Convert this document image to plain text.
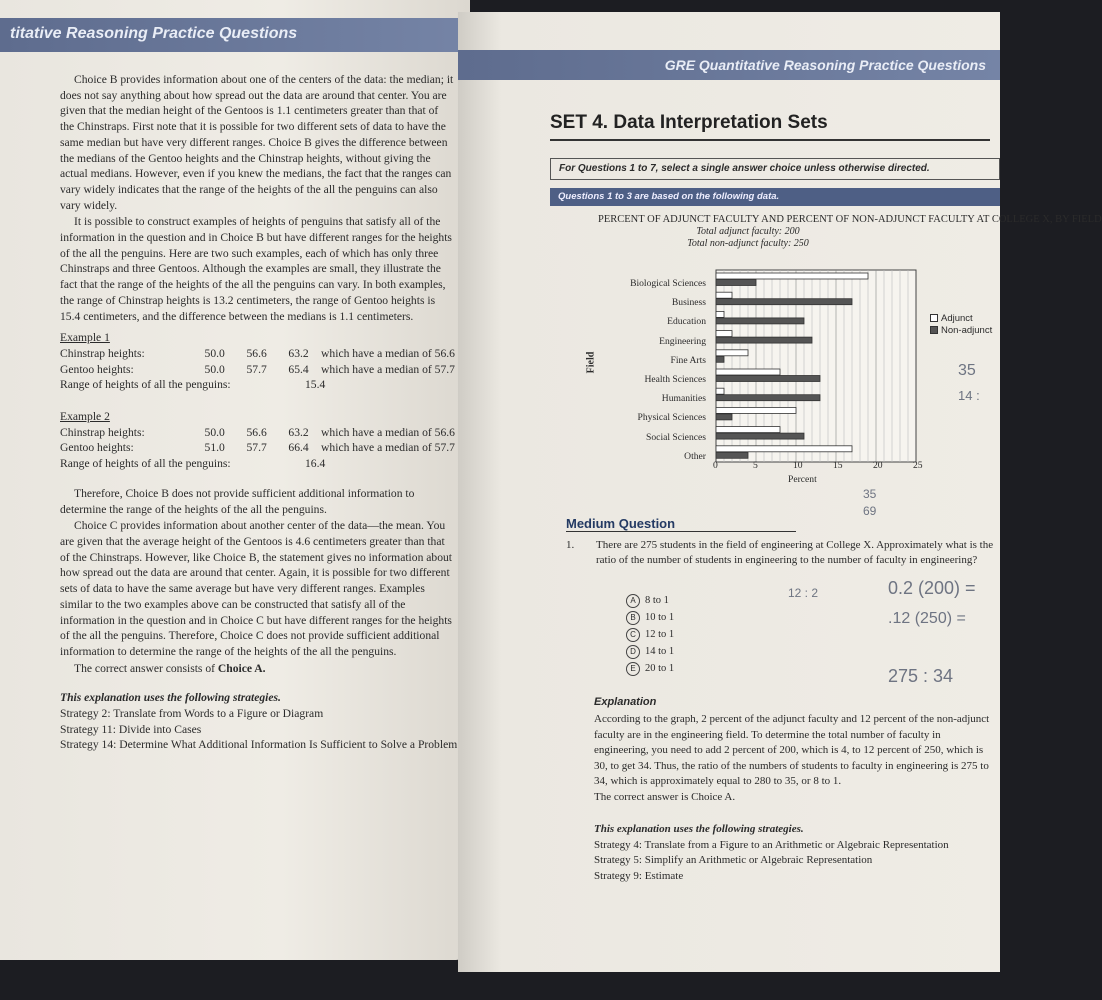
titative Reasoning Practice Questions

Choice B provides information about one of the centers of the data: the median; it does not say anything about how spread out the data are around that center. You are given that the median height of the Gentoos is 1.1 centimeters greater than that of the Chinstraps. First note that it is possible for two different sets of data to have the same median but have very different ranges. Choice B gives the difference between the medians of the Gentoo heights and the Chinstrap heights, without giving the actual medians. However, even if you knew the medians, the fact that the ranges can vary widely indicates that the range of the heights of the all the penguins can also vary widely.

It is possible to construct examples of heights of penguins that satisfy all of the information in the question and in Choice B but have different ranges for the heights of the all the penguins. Here are two such examples, each of which has only three Chinstraps and three Gentoos. Although the examples are small, they illustrate the fact that the range of the heights of the all the penguins can vary. In both examples, the range of Chinstrap heights is 13.2 centimeters, the range of Gentoo heights is 15.4 centimeters, and the difference between the medians is 1.1 centimeters.

Example 1
Chinstrap heights:	50.0	56.6	63.2	which have a median of 56.6
Gentoo heights:	50.0	57.7	65.4	which have a median of 57.7
Range of heights of all the penguins:	15.4
Example 2
Chinstrap heights:	50.0	56.6	63.2	which have a median of 56.6
Gentoo heights:	51.0	57.7	66.4	which have a median of 57.7
Range of heights of all the penguins:	16.4

Therefore, Choice B does not provide sufficient additional information to determine the range of the heights of the all the penguins.

Choice C provides information about another center of the data—the mean. You are given that the average height of the Gentoos is 4.6 centimeters greater than that of the Chinstraps. However, like Choice B, the statement gives no information about how spread out the data are around that center. Again, it is possible for two different sets of data to have the same average but have very different ranges. Examples similar to the two examples above can be constructed that satisfy all of the information in the question and in Choice C but have different ranges for the heights of the all the penguins. Therefore, Choice C does not provide sufficient additional information to determine the range of the heights of the all the penguins.

The correct answer consists of Choice A.
This explanation uses the following strategies.
Strategy 2: Translate from Words to a Figure or Diagram
Strategy 11: Divide into Cases
Strategy 14: Determine What Additional Information Is Sufficient to Solve a Problem
GRE Quantitative Reasoning Practice Questions
SET 4. Data Interpretation Sets
For Questions 1 to 7, select a single answer choice unless otherwise directed.
Questions 1 to 3 are based on the following data.
PERCENT OF ADJUNCT FACULTY AND PERCENT OF NON-ADJUNCT FACULTY AT COLLEGE X, BY FIELD
Total adjunct faculty: 200
Total non-adjunct faculty: 250
Field
Biological Sciences
Business
Education
Engineering
Fine Arts
Health Sciences
Humanities
Physical Sciences
Social Sciences
Other
0	5	10	15	20	25
Percent
Adjunct
Non-adjunct
35
14 :
35
69
Medium Question
1. There are 275 students in the field of engineering at College X. Approximately what is the ratio of the number of students in engineering to the number of faculty in engineering?
A 8 to 1
B 10 to 1
C 12 to 1
D 14 to 1
E 20 to 1
12 : 2	0.2 (200) =
.12 (250) =
275 : 34
Explanation
According to the graph, 2 percent of the adjunct faculty and 12 percent of the non-adjunct faculty are in the engineering field. To determine the total number of faculty in engineering, you need to add 2 percent of 200, which is 4, to 12 percent of 250, which is 30, to get 34. Thus, the ratio of the numbers of students to faculty in engineering is 275 to 34, which is approximately equal to 280 to 35, or 8 to 1.
The correct answer is Choice A.
This explanation uses the following strategies.
Strategy 4: Translate from a Figure to an Arithmetic or Algebraic Representation
Strategy 5: Simplify an Arithmetic or Algebraic Representation
Strategy 9: Estimate
